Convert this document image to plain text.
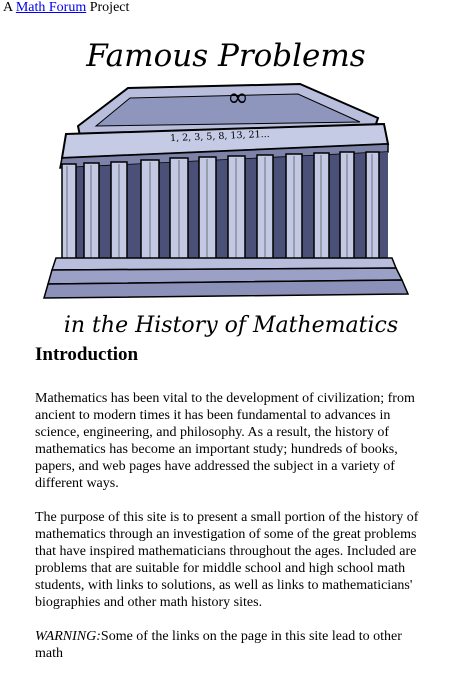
A Math Forum Project
Famous Problems
∞
1, 2, 3, 5, 8, 13, 21...
in the History of Mathematics
Introduction

Mathematics has been vital to the development of civilization; from ancient to modern times it has been fundamental to advances in science, engineering, and philosophy. As a result, the history of mathematics has become an important study; hundreds of books, papers, and web pages have addressed the subject in a variety of different ways.

The purpose of this site is to present a small portion of the history of mathematics through an investigation of some of the great problems that have inspired mathematicians throughout the ages. Included are problems that are suitable for middle school and high school math students, with links to solutions, as well as links to mathematicians' biographies and other math history sites.

WARNING:Some of the links on the page in this site lead to other math
